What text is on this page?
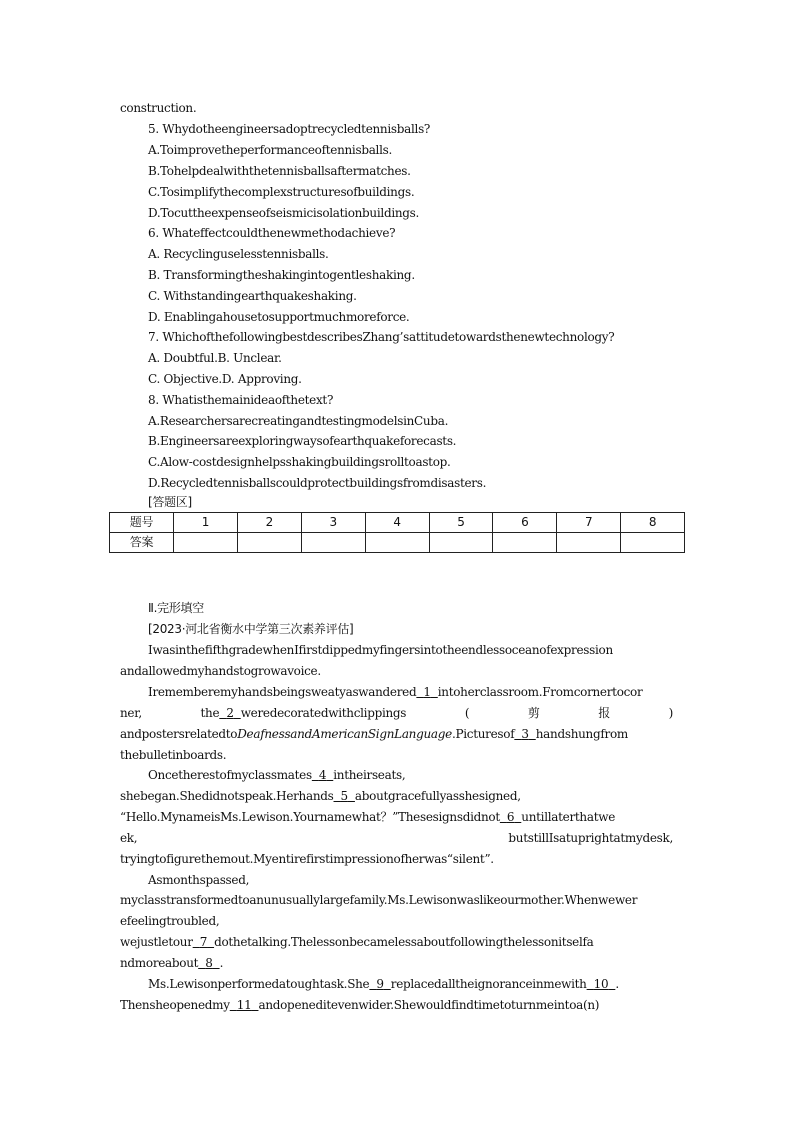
construction.
5. Whydotheengineersadoptrecycledtennisballs?
A.Toimprovetheperformanceoftennisballs.
B.Tohelpdealwiththetennisballsaftermatches.
C.Tosimplifythecomplexstructuresofbuildings.
D.Tocuttheexpenseofseismicisolationbuildings.
6. Whateffectcouldthenewmethodachieve?
A. Recyclinguselesstennisballs.
B. Transformingtheshakingintogentleshaking.
C. Withstandingearthquakeshaking.
D. Enablingahousetosupportmuchmoreforce.
7. WhichofthefollowingbestdescribesZhang’sattitudetowardsthenewtechnology?
A. Doubtful.B. Unclear.
C. Objective.D. Approving.
8. Whatisthemainideaofthetext?
A.ResearchersarecreatingandtestingmodelsinCuba.
B.Engineersareexploringwaysofearthquakeforecasts.
C.Alow-costdesignhelpsshakingbuildingsrolltoastop.
D.Recycledtennisballscouldprotectbuildingsfromdisasters.
[答题区]
题号	1	2	3	4	5	6	7	8
答案								
Ⅱ.完形填空
[2023·河北省衡水中学第三次素养评估]
IwasinthefifthgradewhenIfirstdippedmyfingersintotheendlessoceanofexpression
andallowedmyhandstogrowavoice.
Irememberemyhandsbeingsweatyaswandered 1 intoherclassroom.Fromcornertocor
ner,	the 2 weredecoratedwithclippings	(	剪	报	)
andpostersrelatedtoDeafnessandAmericanSignLanguage.Picturesof 3 handshungfrom
thebulletinboards.
Oncetherestofmyclassmates 4 intheirseats,
shebegan.Shedidnotspeak.Herhands 5 aboutgracefullyasshesigned,
“Hello.MynameisMs.Lewison.Yournamewhat？”Thesesignsdidnot 6 untillaterthatwe
ek,	butstillIsatuprightatmydesk,
tryingtofigurethemout.Myentirefirstimpressionofherwas“silent”.
Asmonthspassed,
myclasstransformedtoanunusuallylargefamily.Ms.Lewisonwaslikeourmother.Whenwewer
efeelingtroubled,
wejustletour 7 dothetalking.Thelessonbecamelessaboutfollowingthelessonitselfa
ndmoreabout 8 .
Ms.Lewisonperformedatoughtask.She 9 replacedalltheignoranceinmewith 10 .
Thensheopenedmy 11 andopeneditevenwider.Shewouldfindtimetoturnmeintoa(n)
